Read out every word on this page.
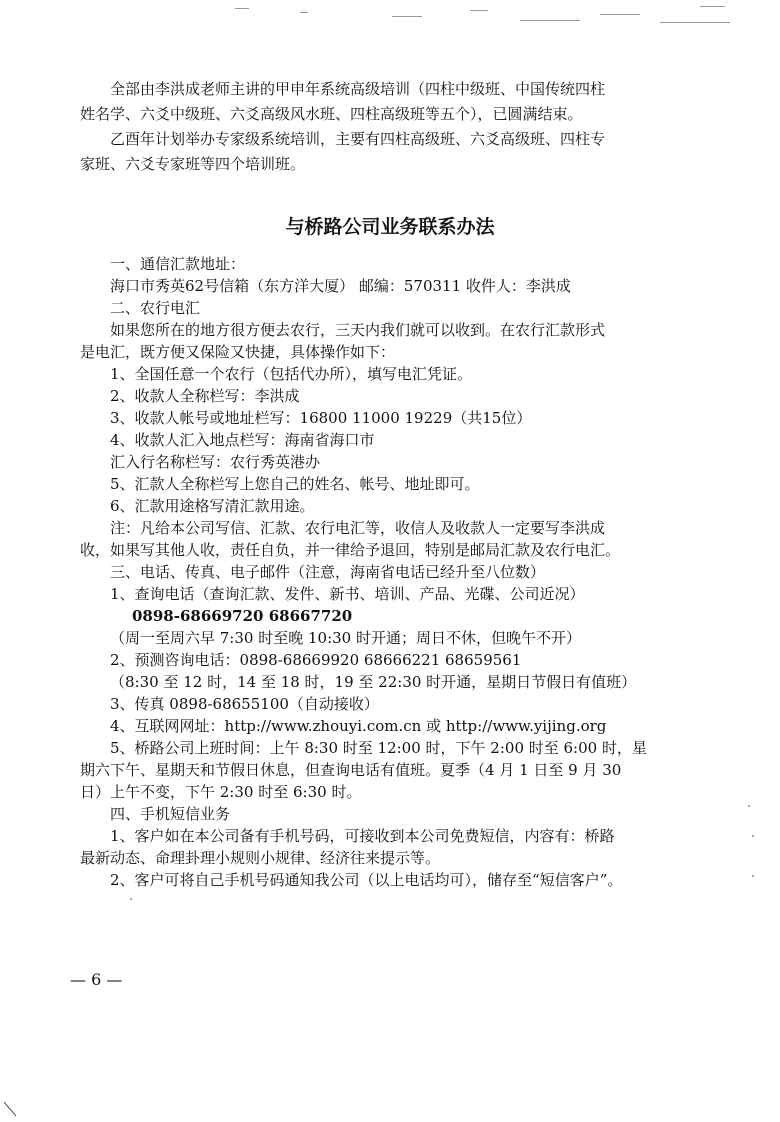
全部由李洪成老师主讲的甲申年系统高级培训（四柱中级班、中国传统四柱
姓名学、六爻中级班、六爻高级风水班、四柱高级班等五个），已圆满结束。
乙酉年计划举办专家级系统培训，主要有四柱高级班、六爻高级班、四柱专
家班、六爻专家班等四个培训班。
与桥路公司业务联系办法
一、通信汇款地址：
海口市秀英62号信箱（东方洋大厦） 邮编：570311 收件人：李洪成
二、农行电汇
如果您所在的地方很方便去农行，三天内我们就可以收到。在农行汇款形式
是电汇，既方便又保险又快捷，具体操作如下：
1、全国任意一个农行（包括代办所），填写电汇凭证。
2、收款人全称栏写：李洪成
3、收款人帐号或地址栏写：16800 11000 19229（共15位）
4、收款人汇入地点栏写：海南省海口市
汇入行名称栏写：农行秀英港办
5、汇款人全称栏写上您自己的姓名、帐号、地址即可。
6、汇款用途格写清汇款用途。
注：凡给本公司写信、汇款、农行电汇等，收信人及收款人一定要写李洪成
收，如果写其他人收，责任自负，并一律给予退回，特别是邮局汇款及农行电汇。
三、电话、传真、电子邮件（注意，海南省电话已经升至八位数）
1、查询电话（查询汇款、发件、新书、培训、产品、光碟、公司近况）
0898-68669720 68667720
（周一至周六早 7:30 时至晚 10:30 时开通；周日不休，但晚午不开）
2、预测咨询电话：0898-68669920 68666221 68659561
（8:30 至 12 时，14 至 18 时，19 至 22:30 时开通，星期日节假日有值班）
3、传真 0898-68655100（自动接收）
4、互联网网址：http://www.zhouyi.com.cn 或 http://www.yijing.org
5、桥路公司上班时间：上午 8:30 时至 12:00 时，下午 2:00 时至 6:00 时，星
期六下午、星期天和节假日休息，但查询电话有值班。夏季（4 月 1 日至 9 月 30
日）上午不变，下午 2:30 时至 6:30 时。
四、手机短信业务
1、客户如在本公司备有手机号码，可接收到本公司免费短信，内容有：桥路
最新动态、命理卦理小规则小规律、经济往来提示等。
2、客户可将自己手机号码通知我公司（以上电话均可），储存至“短信客户”。
— 6 —
